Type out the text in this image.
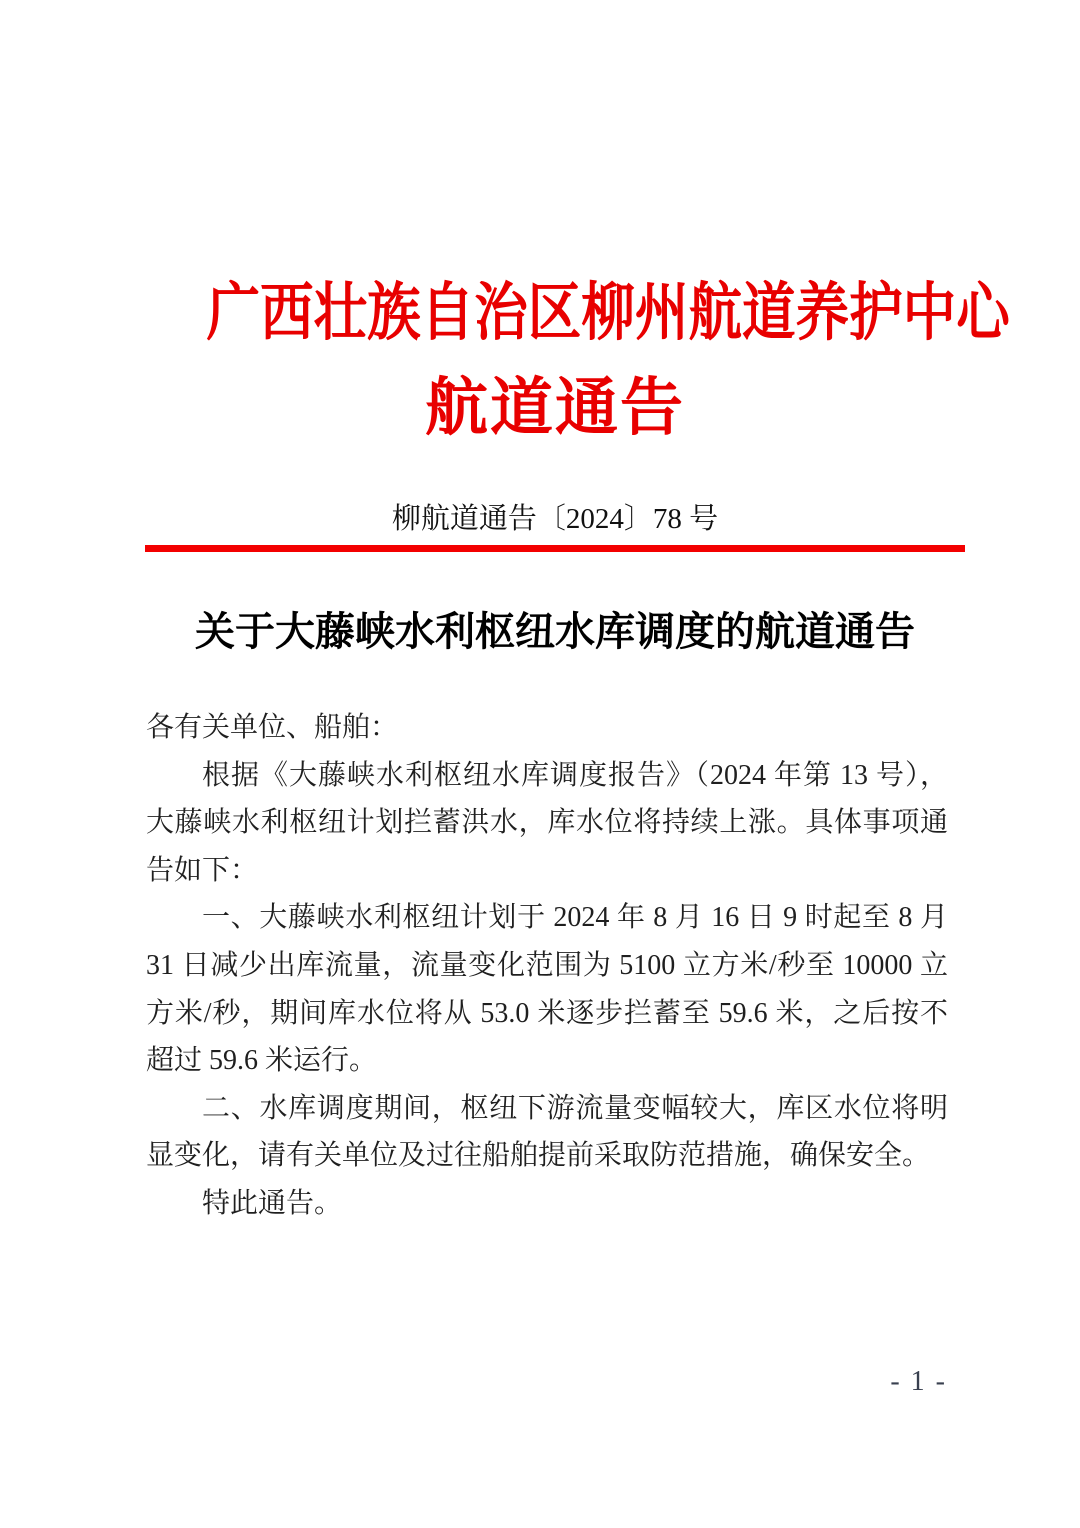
广西壮族自治区柳州航道养护中心
航道通告
柳航道通告〔2024〕78 号
关于大藤峡水利枢纽水库调度的航道通告

各有关单位、船舶：

根据《大藤峡水利枢纽水库调度报告》（2024 年第 13 号），大藤峡水利枢纽计划拦蓄洪水，库水位将持续上涨。具体事项通告如下：

一、大藤峡水利枢纽计划于 2024 年 8 月 16 日 9 时起至 8 月 31 日减少出库流量，流量变化范围为 5100 立方米/秒至 10000 立方米/秒，期间库水位将从 53.0 米逐步拦蓄至 59.6 米，之后按不超过 59.6 米运行。

二、水库调度期间，枢纽下游流量变幅较大，库区水位将明显变化，请有关单位及过往船舶提前采取防范措施，确保安全。

特此通告。

- 1 -
